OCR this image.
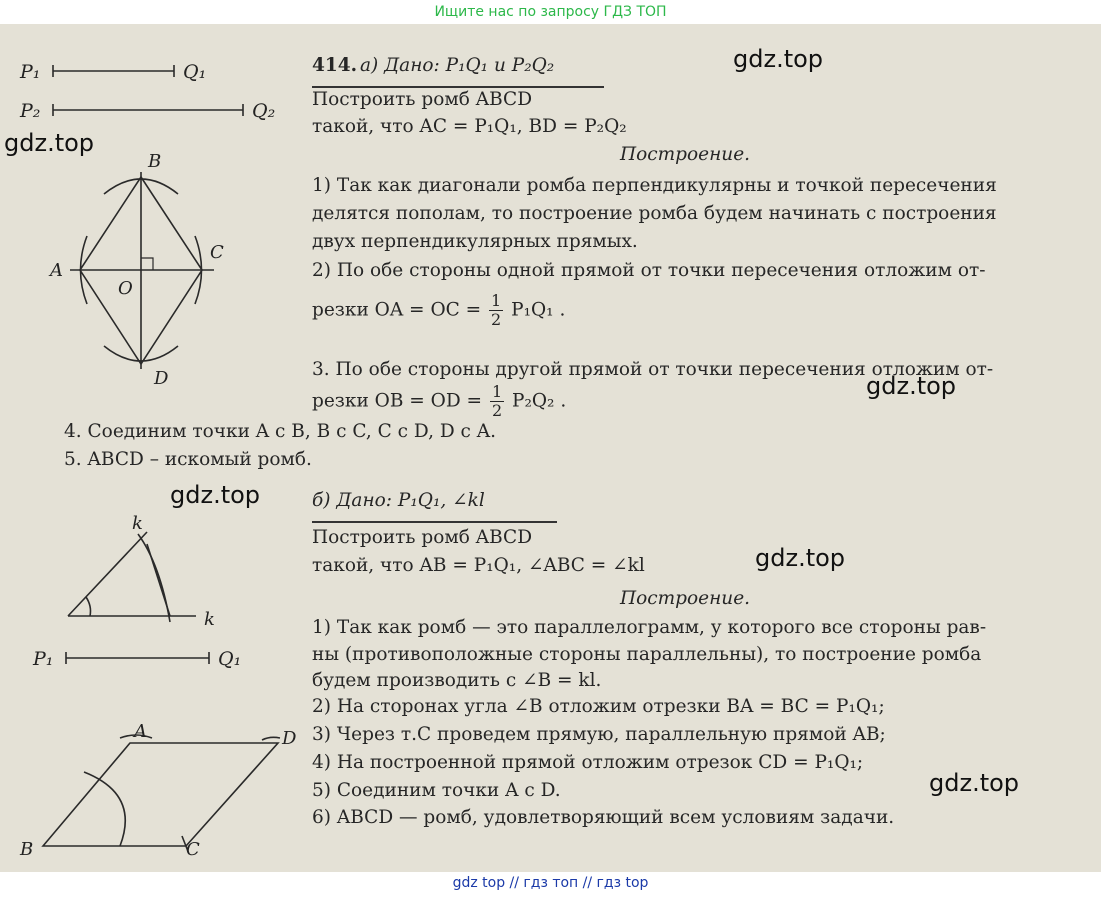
Ищите нас по запросу ГДЗ ТОП
P₁	Q₁
P₂	Q₂
B
D
A
C
O
k
k
P₁	Q₁
A	D
B	C
414. а) Дано: P₁Q₁ и P₂Q₂
Построить ромб ABCD
такой, что AC = P₁Q₁, BD = P₂Q₂
Построение.
1) Так как диагонали ромба перпендикулярны и точкой пересечения
делятся пополам, то построение ромба будем начинать с построения
двух перпендикулярных прямых.
2) По обе стороны одной прямой от точки пересечения отложим от-
резки OA = OC = $\frac{1}{2} P_1Q_1$ .
3. По обе стороны другой прямой от точки пересечения отложим от-
резки OB = OD = $\frac{1}{2} P_2Q_2$ .
4. Соединим точки A с B, B с C, C с D, D с A.
5. ABCD – искомый ромб.
б) Дано: P₁Q₁, ∠kl
Построить ромб ABCD
такой, что AB = P₁Q₁, ∠ABC = ∠kl
Построение.
1) Так как ромб — это параллелограмм, у которого все стороны рав-
ны (противоположные стороны параллельны), то построение ромба
будем производить с ∠B = kl.
2) На сторонах угла ∠B отложим отрезки BA = BC = P₁Q₁;
3) Через т.C проведем прямую, параллельную прямой AB;
4) На построенной прямой отложим отрезок CD = P₁Q₁;
5) Соединим точки A с D.
6) ABCD — ромб, удовлетворяющий всем условиям задачи.
gdz.top
gdz.top
gdz.top
gdz.top
gdz.top
gdz.top
gdz top // гдз топ // гдз top
